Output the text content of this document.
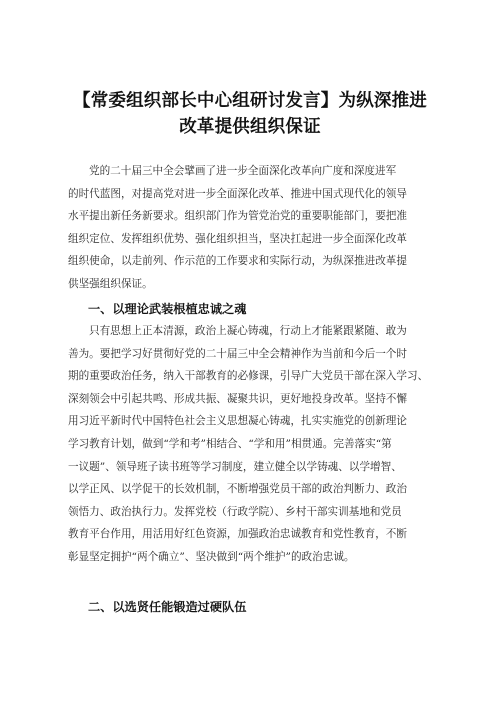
【常委组织部长中心组研讨发言】为纵深推进
改革提供组织保证
党的二十届三中全会擘画了进一步全面深化改革向广度和深度进军
的时代蓝图，对提高党对进一步全面深化改革、推进中国式现代化的领导
水平提出新任务新要求。组织部门作为管党治党的重要职能部门，要把准
组织定位、发挥组织优势、强化组织担当，坚决扛起进一步全面深化改革
组织使命，以走前列、作示范的工作要求和实际行动，为纵深推进改革提
供坚强组织保证。
只有思想上正本清源，政治上凝心铸魂，行动上才能紧跟紧随、敢为
善为。要把学习好贯彻好党的二十届三中全会精神作为当前和今后一个时
期的重要政治任务，纳入干部教育的必修课，引导广大党员干部在深入学习、
深刻领会中引起共鸣、形成共振、凝聚共识，更好地投身改革。坚持不懈
用习近平新时代中国特色社会主义思想凝心铸魂，扎实实施党的创新理论
学习教育计划，做到“学和考”相结合、“学和用”相贯通。完善落实“第
一议题”、领导班子读书班等学习制度，建立健全以学铸魂、以学增智、
以学正风、以学促干的长效机制，不断增强党员干部的政治判断力、政治
领悟力、政治执行力。发挥党校（行政学院）、乡村干部实训基地和党员
教育平台作用，用活用好红色资源，加强政治忠诚教育和党性教育，不断
彰显坚定拥护“两个确立”、坚决做到“两个维护”的政治忠诚。
一、以理论武装根植忠诚之魂
二、以选贤任能锻造过硬队伍
